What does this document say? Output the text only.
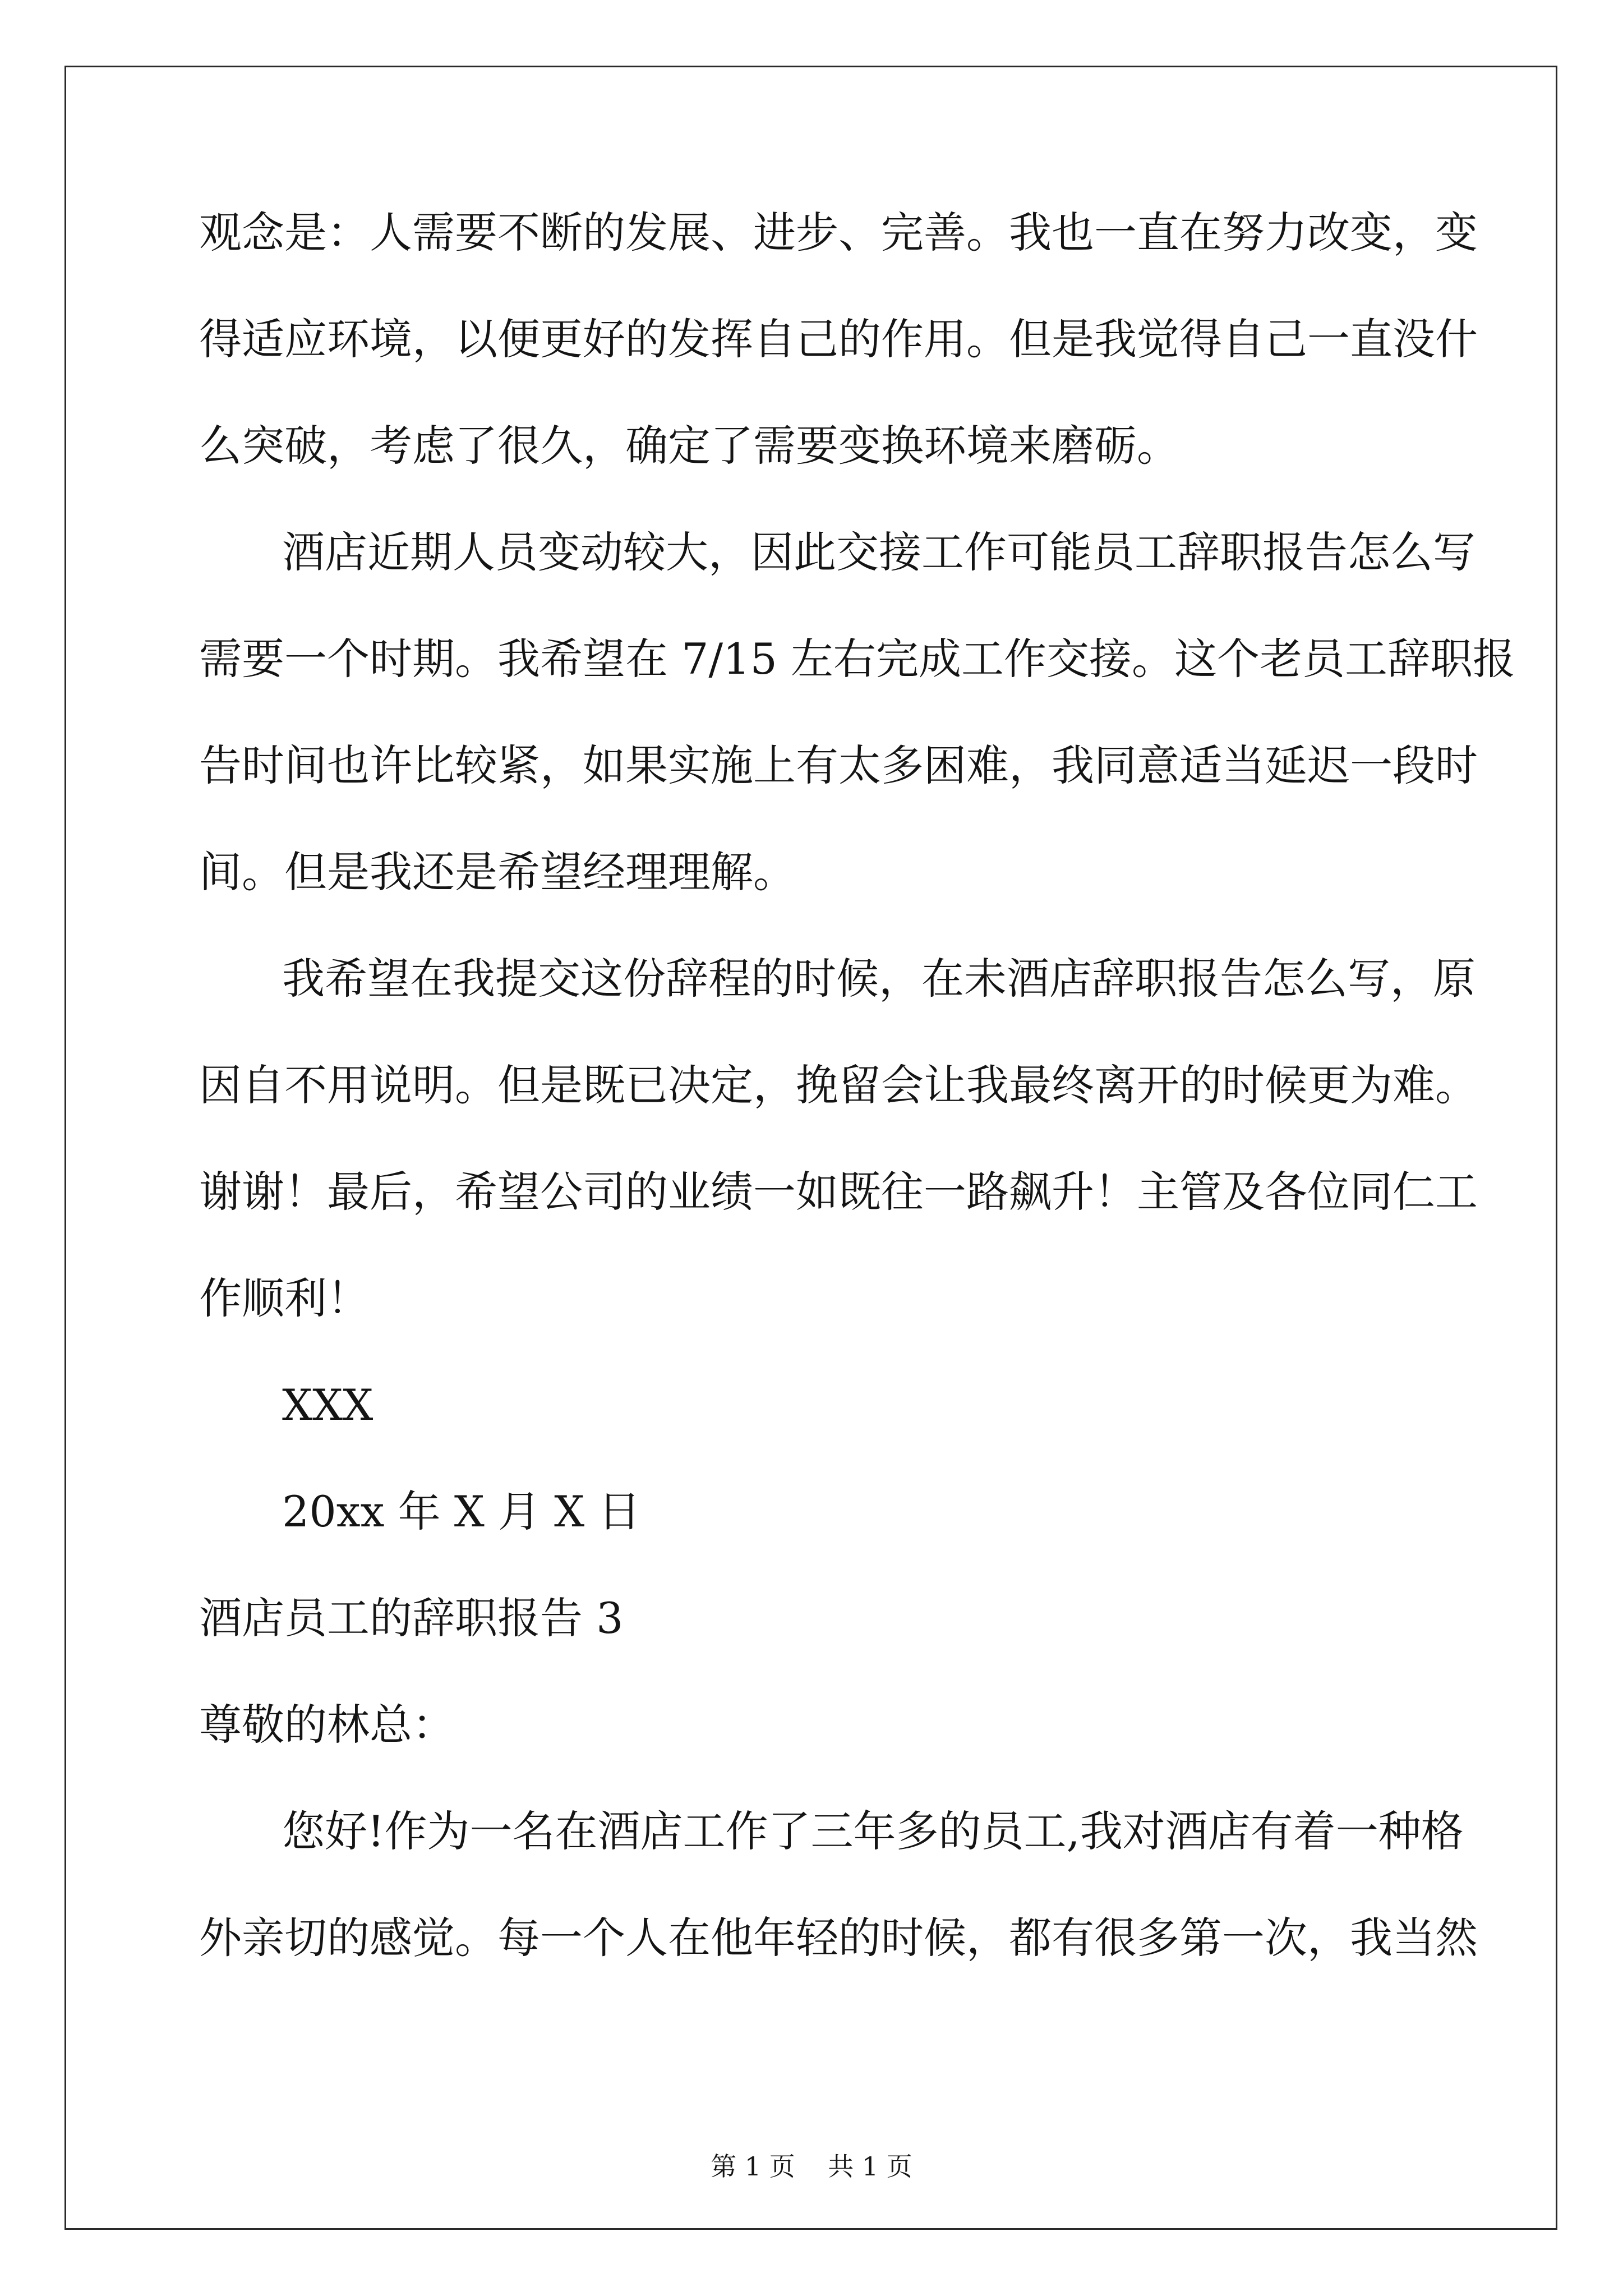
观念是：人需要不断的发展、进步、完善。我也一直在努力改变，变
得适应环境，以便更好的发挥自己的作用。但是我觉得自己一直没什
么突破，考虑了很久，确定了需要变换环境来磨砺。
酒店近期人员变动较大，因此交接工作可能员工辞职报告怎么写
需要一个时期。我希望在 7/15 左右完成工作交接。这个老员工辞职报
告时间也许比较紧，如果实施上有太多困难，我同意适当延迟一段时
间。但是我还是希望经理理解。
我希望在我提交这份辞程的时候，在未酒店辞职报告怎么写，原
因自不用说明。但是既已决定，挽留会让我最终离开的时候更为难。
谢谢！最后，希望公司的业绩一如既往一路飙升！主管及各位同仁工
作顺利！
XXX
20xx 年 X 月 X 日
酒店员工的辞职报告 3
尊敬的林总：
您好!作为一名在酒店工作了三年多的员工,我对酒店有着一种格
外亲切的感觉。每一个人在他年轻的时候，都有很多第一次，我当然
第 1 页    共 1 页
